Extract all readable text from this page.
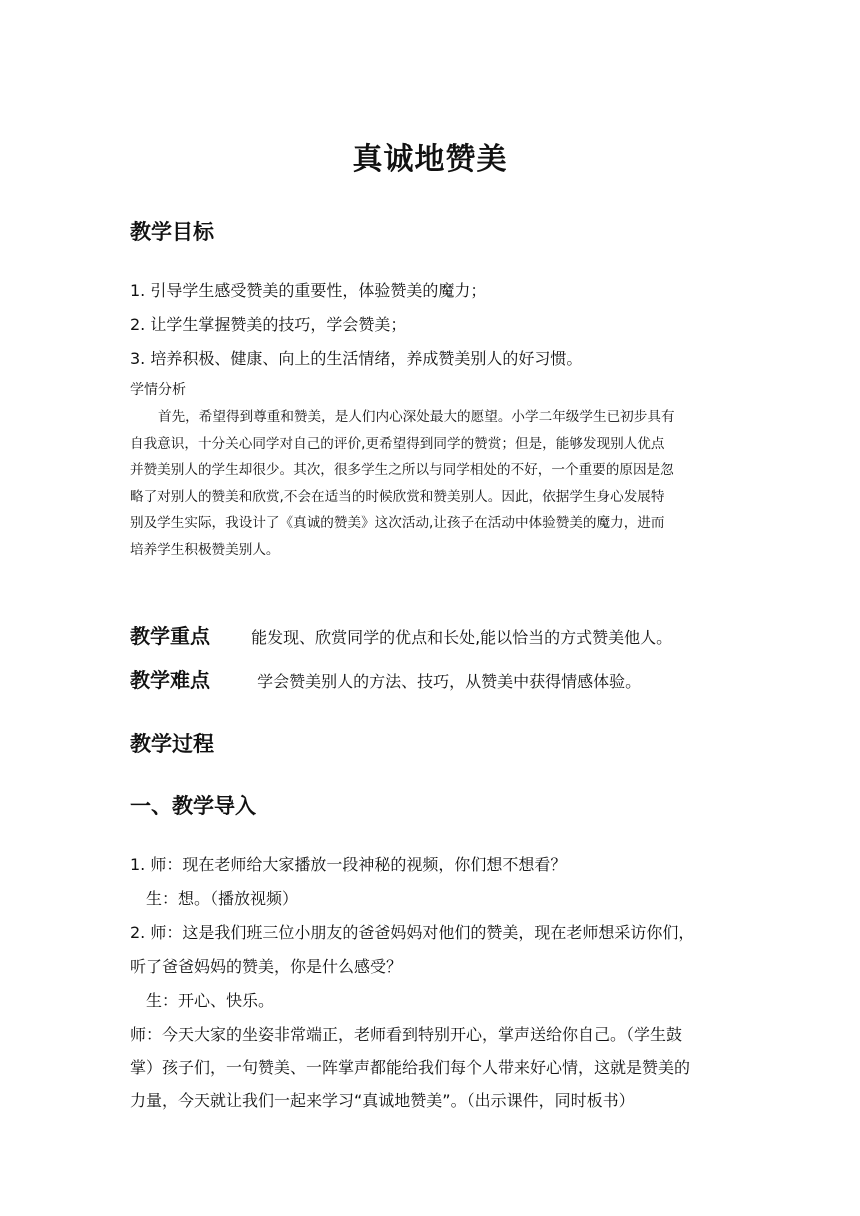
真诚地赞美
教学目标
1. 引导学生感受赞美的重要性，体验赞美的魔力；
2. 让学生掌握赞美的技巧，学会赞美；
3. 培养积极、健康、向上的生活情绪，养成赞美别人的好习惯。
学情分析
首先，希望得到尊重和赞美，是人们内心深处最大的愿望。小学二年级学生已初步具有
自我意识，十分关心同学对自己的评价,更希望得到同学的赞赏；但是，能够发现别人优点
并赞美别人的学生却很少。其次，很多学生之所以与同学相处的不好，一个重要的原因是忽
略了对别人的赞美和欣赏,不会在适当的时候欣赏和赞美别人。因此，依据学生身心发展特
别及学生实际，我设计了《真诚的赞美》这次活动,让孩子在活动中体验赞美的魔力，进而
培养学生积极赞美别人。
教学重点	能发现、欣赏同学的优点和长处,能以恰当的方式赞美他人。
教学难点	学会赞美别人的方法、技巧，从赞美中获得情感体验。
教学过程
一、教学导入
1. 师：现在老师给大家播放一段神秘的视频，你们想不想看？
生：想。（播放视频）
2. 师：这是我们班三位小朋友的爸爸妈妈对他们的赞美，现在老师想采访你们，
听了爸爸妈妈的赞美，你是什么感受？
生：开心、快乐。
师：今天大家的坐姿非常端正，老师看到特别开心，掌声送给你自己。（学生鼓
掌）孩子们，一句赞美、一阵掌声都能给我们每个人带来好心情，这就是赞美的
力量，今天就让我们一起来学习“真诚地赞美”。（出示课件，同时板书）
